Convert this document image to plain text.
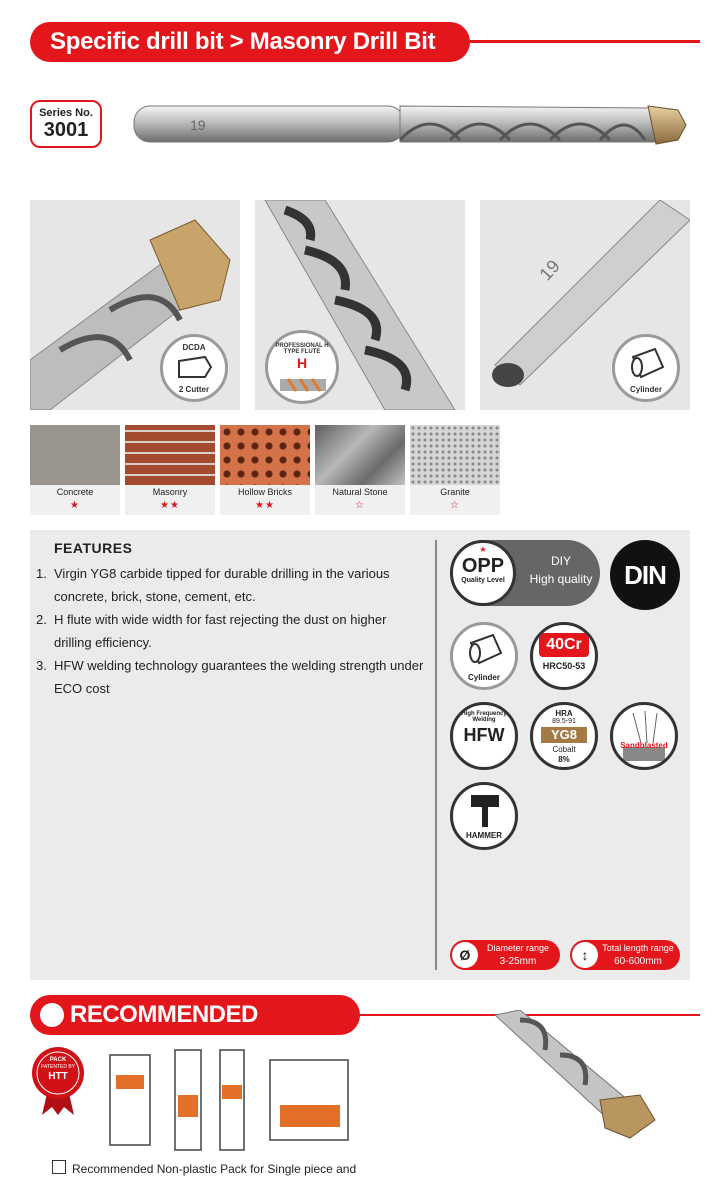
Specific drill bit > Masonry Drill Bit
Series No.
3001	19
DCDA
2 Cutter
PROFESSIONAL H TYPE FLUTE
H
19
Cylinder
Concrete
★
Masonry
★★
Hollow Bricks
★★
Natural Stone
☆
Granite
☆
FEATURES
1. Virgin YG8 carbide tipped for durable drilling in the various concrete, brick, stone, cement, etc.
2. H flute with wide width for fast rejecting the dust on higher drilling efficiency.
3. HFW welding technology guarantees the welding strength under ECO cost
DIY
High quality
★
OPP
Quality Level	DIN
Cylinder
40Cr
HRC50-53
High Frequency Welding
HFW
HRA
89.5-91
YG8
Cobalt
8%
Sandblasted
HAMMER
Ø	Diameter range
3-25mm	↕	Total length range
60-600mm
RECOMMENDED
PACK
PATENTED BY
HTT
Recommended Non-plastic Pack for Single piece and
